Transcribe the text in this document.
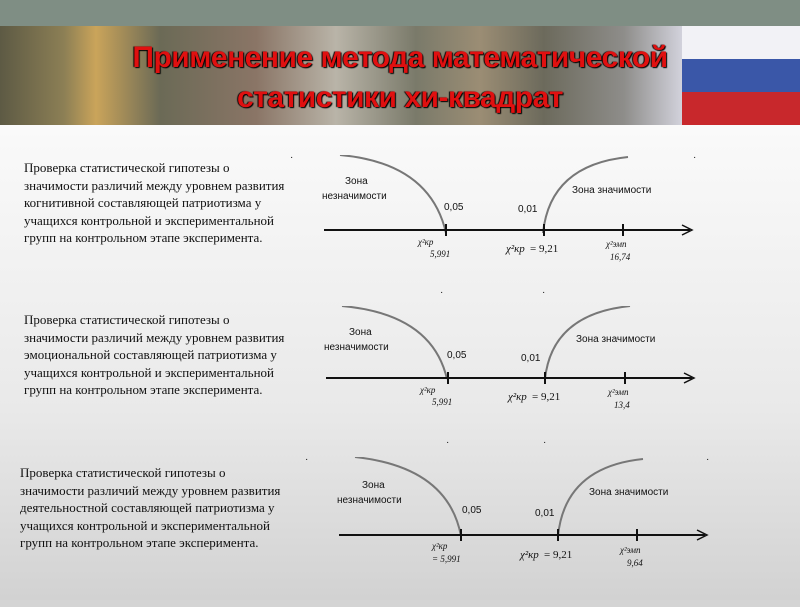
Применение метода математической
статистики хи-квадрат
Проверка статистической гипотезы о значимости различий между уровнем развития когнитивной составляющей патриотизма у учащихся контрольной и экспериментальной групп на контрольном этапе эксперимента.
Зона
незначимости
Зона значимости
0,05	0,01
χ²кр
5,991	χ²кр = 9,21	χ²эмп
16,74
·	·
·	·
Проверка статистической гипотезы о значимости различий между уровнем развития эмоциональной составляющей патриотизма у учащихся контрольной и экспериментальной групп на контрольном этапе эксперимента.
Зона
незначимости
Зона значимости
0,05	0,01
χ²кр
5,991	χ²кр = 9,21	χ²эмп
13,4
·	·
Проверка статистической гипотезы о значимости различий между уровнем развития деятельностной составляющей патриотизма у учащихся контрольной и экспериментальной групп на контрольном этапе эксперимента.
Зона
незначимости
Зона значимости
0,05	0,01
χ²кр
= 5,991	χ²кр = 9,21	χ²эмп
9,64
·	·
